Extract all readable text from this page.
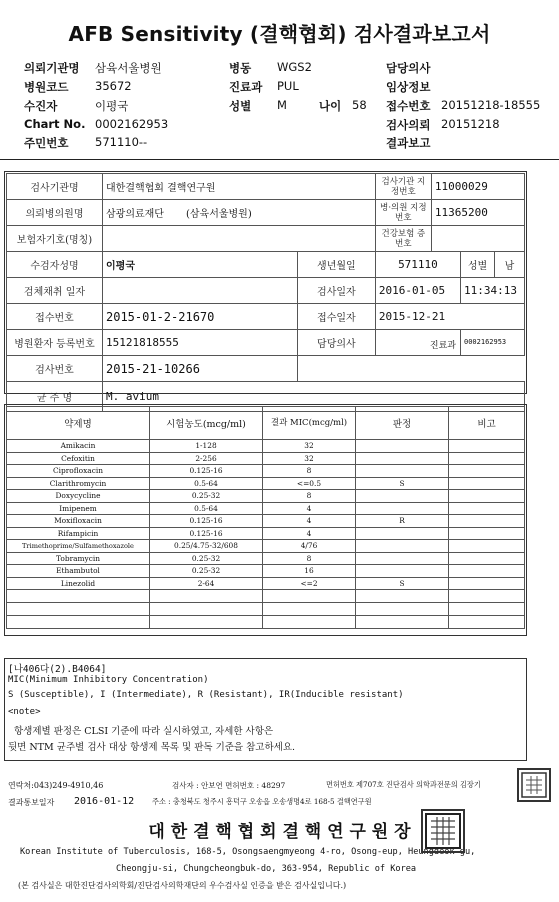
AFB Sensitivity (결핵협회) 검사결과보고서
의뢰기관명 삼육서울병원	병동 WGS2	담당의사
병원코드 35672	진료과 PUL	임상정보
수진자	이평국	성별 M	나이 58 접수번호 20151218-18555
Chart No. 0002162953	검사의뢰 20151218
주민번호 571110--	결과보고
검사기관명	대한결핵협회 결핵연구원		검사기관 지정번호	11000029		
의뢰병의원명	삼광의료재단 (삼육서울병원)		병·의원 지정번호	11365200		
보험자기호(명칭)			건강보험 증번호			
수검자성명	이평국	생년월일	571110		성별	남
검체채취 일자		검사일자	2016-01-05		11:34:13	
접수번호	2015-01-2-21670	접수일자	2015-12-21			
병원환자 등록번호	15121818555	담당의사	진료과		0002162953	
검사번호	2015-21-10266					
균 주 명	M. avium					
약제명	시험농도(mcg/ml)	결과 MIC(mcg/ml)	판정	비고
Amikacin	1-128	32		
Cefoxitin	2-256	32		
Ciprofloxacin	0.125-16	8		
Clarithromycin	0.5-64	<=0.5	S	
Doxycycline	0.25-32	8		
Imipenem	0.5-64	4		
Moxifloxacin	0.125-16	4	R	
Rifampicin	0.125-16	4		
Trimethoprime/Sulfamethoxazole	0.25/4.75-32/608	4/76		
Tobramycin	0.25-32	8		
Ethambutol	0.25-32	16		
Linezolid	2-64	<=2	S	

[나406다(2).B4064]
MIC(Minimum Inhibitory Concentration)
S (Susceptible), I (Intermediate), R (Resistant), IR(Inducible resistant)
<note>
항생제별 판정은 CLSI 기준에 따라 실시하였고, 자세한 사항은
뒷면 NTM 균주별 검사 대상 항생제 목록 및 판독 기준을 참고하세요.
연락처:043)249-4910,46	검사자 : 안보연 면허번호 : 48297	면허번호 제707호 진단검사 의학과전문의 김장기
결과통보일자 2016-01-12 주소 : 충청북도 청주시 흥덕구 오송읍 오송생명4로 168-5 결핵연구원
대 한 결 핵 협 회 결 핵 연 구 원 장
Korean Institute of Tuberculosis, 168-5, Osongsaengmyeong 4-ro, Osong-eup, Heungdeok-gu,
Cheongju-si, Chungcheongbuk-do, 363-954, Republic of Korea
(본 검사실은 대한진단검사의학회/진단검사의학재단의 우수검사실 인증을 받은 검사실입니다.)
